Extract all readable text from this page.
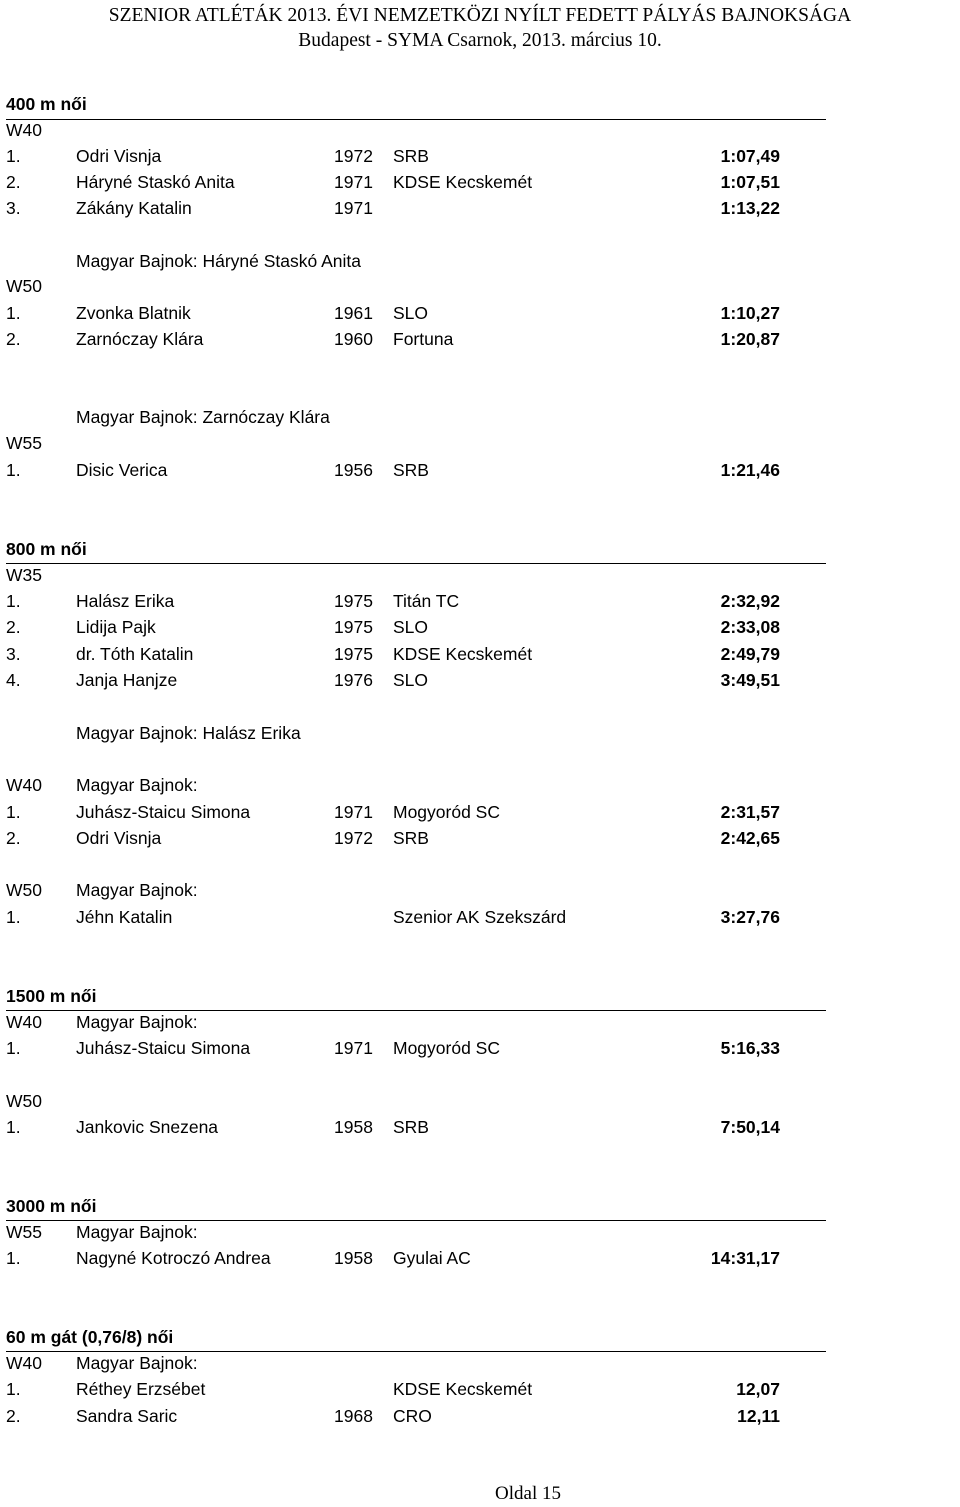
SZENIOR ATLÉTÁK 2013. ÉVI NEMZETKÖZI NYÍLT FEDETT PÁLYÁS BAJNOKSÁGA
Budapest - SYMA Csarnok, 2013. március 10.
400 m női
W40
1.	Odri Visnja	1972 SRB	1:07,49
2.	Háryné Staskó Anita	1971 KDSE Kecskemét	1:07,51
3.	Zákány Katalin	1971	1:13,22
Magyar Bajnok: Háryné Staskó Anita
W50
1.	Zvonka Blatnik	1961 SLO	1:10,27
2.	Zarnóczay Klára	1960 Fortuna	1:20,87
Magyar Bajnok: Zarnóczay Klára
W55
1.	Disic Verica	1956 SRB	1:21,46
800 m női
W35
1.	Halász Erika	1975 Titán TC	2:32,92
2.	Lidija Pajk	1975 SLO	2:33,08
3.	dr. Tóth Katalin	1975 KDSE Kecskemét	2:49,79
4.	Janja Hanjze	1976 SLO	3:49,51
Magyar Bajnok: Halász Erika
W40 Magyar Bajnok:
1.	Juhász-Staicu Simona	1971 Mogyoród SC	2:31,57
2.	Odri Visnja	1972 SRB	2:42,65
W50 Magyar Bajnok:
1.	Jéhn Katalin	Szenior AK Szekszárd	3:27,76
1500 m női
W40 Magyar Bajnok:
1.	Juhász-Staicu Simona	1971 Mogyoród SC	5:16,33
W50
1.	Jankovic Snezena	1958 SRB	7:50,14
3000 m női
W55 Magyar Bajnok:
1.	Nagyné Kotroczó Andrea	1958 Gyulai AC	14:31,17
60 m gát (0,76/8) női
W40 Magyar Bajnok:
1.	Réthey Erzsébet	KDSE Kecskemét	12,07
2.	Sandra Saric	1968 CRO	12,11
Oldal 15
